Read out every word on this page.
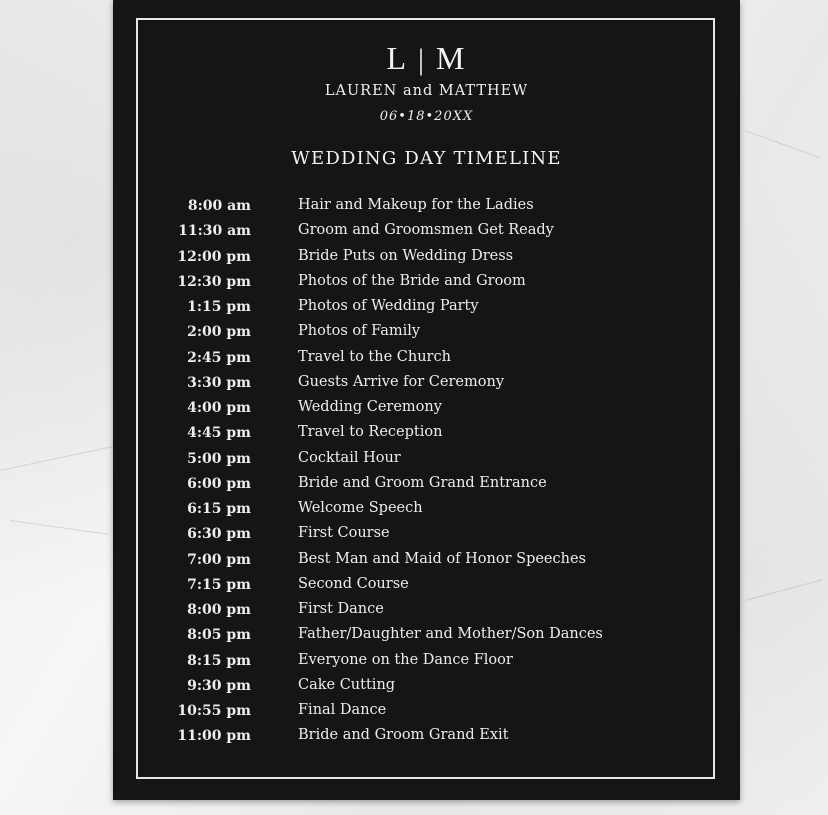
L | M
LAUREN and MATTHEW
06•18•20XX
WEDDING DAY TIMELINE
8:00 am	Hair and Makeup for the Ladies
11:30 am	Groom and Groomsmen Get Ready
12:00 pm	Bride Puts on Wedding Dress
12:30 pm	Photos of the Bride and Groom
1:15 pm	Photos of Wedding Party
2:00 pm	Photos of Family
2:45 pm	Travel to the Church
3:30 pm	Guests Arrive for Ceremony
4:00 pm	Wedding Ceremony
4:45 pm	Travel to Reception
5:00 pm	Cocktail Hour
6:00 pm	Bride and Groom Grand Entrance
6:15 pm	Welcome Speech
6:30 pm	First Course
7:00 pm	Best Man and Maid of Honor Speeches
7:15 pm	Second Course
8:00 pm	First Dance
8:05 pm	Father/Daughter and Mother/Son Dances
8:15 pm	Everyone on the Dance Floor
9:30 pm	Cake Cutting
10:55 pm	Final Dance
11:00 pm	Bride and Groom Grand Exit
